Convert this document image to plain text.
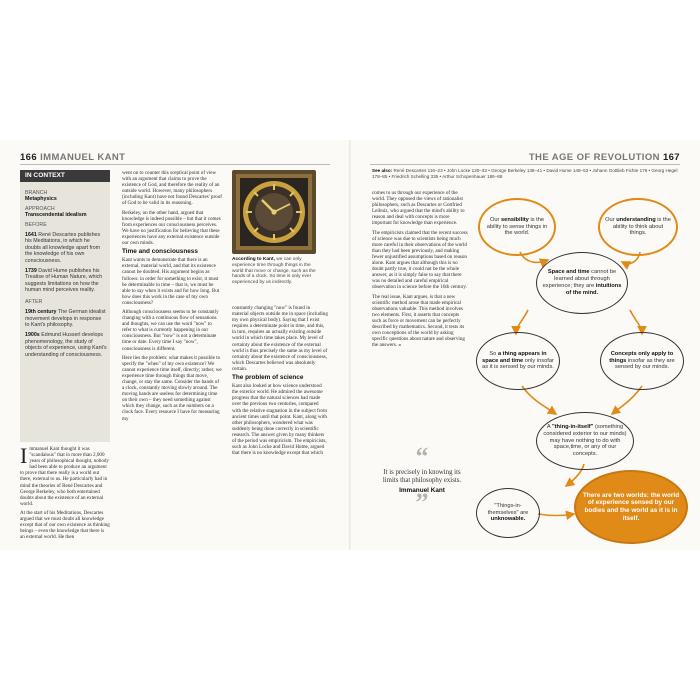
166 IMMANUEL KANT	THE AGE OF REVOLUTION 167
IN CONTEXT
BRANCH
Metaphysics
APPROACH
Transcendental idealism
BEFORE
1641 René Descartes publishes his Meditations, in which he doubts all knowledge apart from the knowledge of his own consciousness.
1739 David Hume publishes his Treatise of Human Nature, which suggests limitations on how the human mind perceives reality.
AFTER
19th century The German idealist movement develops in response to Kant's philosophy.
1900s Edmund Husserl develops phenomenology, the study of objects of experience, using Kant's understanding of consciousness.

Immanuel Kant thought it was "scandalous" that in more than 2,000 years of philosophical thought, nobody had been able to produce an argument to prove that there really is a world out there, external to us. He particularly had in mind the theories of René Descartes and George Berkeley, who both entertained doubts about the existence of an external world.

At the start of his Meditations, Descartes argued that we must doubt all knowledge except that of our own existence as thinking beings – even the knowledge that there is an external world. He then

went on to counter this sceptical point of view with an argument that claims to prove the existence of God, and therefore the reality of an outside world. However, many philosophers (including Kant) have not found Descartes' proof of God to be valid in its reasoning.

Berkeley, on the other hand, argued that knowledge is indeed possible – but that it comes from experiences our consciousness perceives. We have no justification for believing that these experiences have any external existence outside our own minds.

Time and consciousness

Kant wants to demonstrate that there is an external, material world, and that its existence cannot be doubted. His argument begins as follows: in order for something to exist, it must be determinable in time – that is, we must be able to say when it exists and for how long. But how does this work in the case of my own consciousness?

Although consciousness seems to be constantly changing with a continuous flow of sensations and thoughts, we can use the word "now" to refer to what is currently happening in our consciousness. But "now" is not a determinate time or date. Every time I say "now", consciousness is different.

Here lies the problem: what makes it possible to specify the "when" of my own existence? We cannot experience time itself, directly; rather, we experience time through things that move, change, or stay the same. Consider the hands of a clock, constantly moving slowly around. The moving hands are useless for determining time on their own – they need something against which they change, such as the numbers on a clock face. Every resource I have for measuring my

According to Kant, we can only experience time through things in the world that move or change, such as the hands of a clock. So time is only ever experienced by us indirectly.

constantly changing "now" is found in material objects outside me in space (including my own physical body). Saying that I exist requires a determinate point in time, and this, in turn, requires an actually existing outside world in which time takes place. My level of certainty about the existence of the external world is thus precisely the same as my level of certainty about the existence of consciousness, which Descartes believed was absolutely certain.

The problem of science

Kant also looked at how science understood the exterior world. He admired the awesome progress that the natural sciences had made over the previous two centuries, compared with the relative stagnation in the subject from ancient times until that point. Kant, along with other philosophers, wondered what was suddenly being done correctly in scientific research. The answer given by many thinkers of the period was empiricism. The empiricists, such as John Locke and David Hume, argued that there is no knowledge except that which

See also: René Descartes 116–23 • John Locke 130–33 • George Berkeley 138–41 • David Hume 148–53 • Johann Gottlieb Fichte 176 • Georg Hegel 178–85 • Friedrich Schelling 335 • Arthur Schopenhauer 186–88

comes to us through our experience of the world. They opposed the views of rationalist philosophers, such as Descartes or Gottfried Leibniz, who argued that the mind's ability to reason and deal with concepts is more important for knowledge than experience.

The empiricists claimed that the recent success of science was due to scientists being much more careful in their observations of the world than they had been previously, and making fewer unjustified assumptions based on reason alone. Kant argues that although this is no doubt partly true, it could not be the whole answer, as it is simply false to say that there was no detailed and careful empirical observation in science before the 16th century.

The real issue, Kant argues, is that a new scientific method arose that made empirical observations valuable. This method involves two elements. First, it asserts that concepts such as force or movement can be perfectly described by mathematics. Second, it tests its own conceptions of the world by asking specific questions about nature and observing the answers. »

“
It is precisely in knowing its limits that philosophy exists.
Immanuel Kant
”
Our sensibility is the ability to sense things in the world.
Our understanding is the ability to think about things.
Space and time cannot be learned about through experience; they are intuitions of the mind.
So a thing appears in space and time only insofar as it is sensed by our minds.
Concepts only apply to things insofar as they are sensed by our minds.
A "thing-in-itself" (something considered exterior to our minds) may have nothing to do with space,time, or any of our concepts.
"Things-in-themselves" are unknowable.
There are two worlds: the world of experience sensed by our bodies and the world as it is in itself.
